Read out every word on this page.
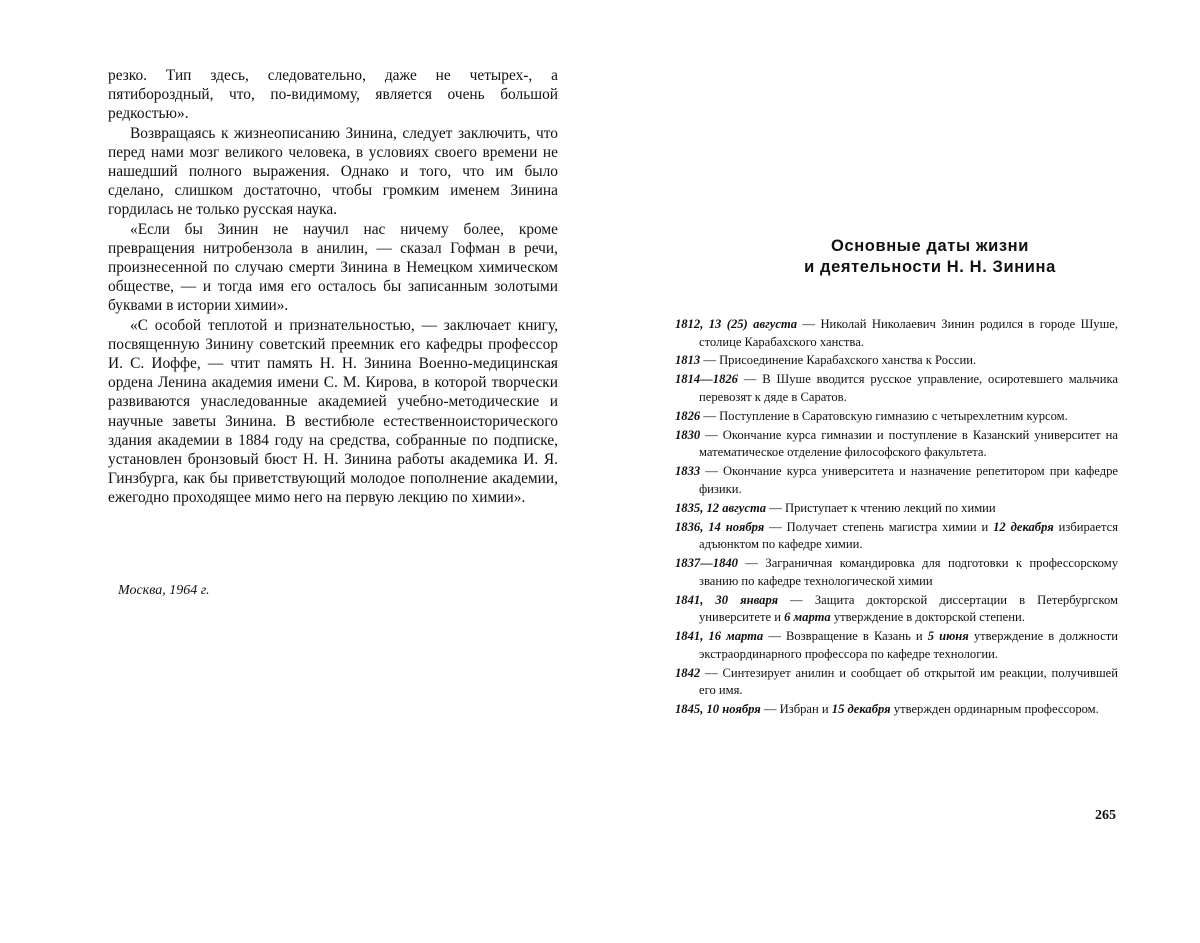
резко. Тип здесь, следовательно, даже не четырех-, а пятибороздный, что, по-видимому, является очень большой редкостью».

Возвращаясь к жизнеописанию Зинина, следует заключить, что перед нами мозг великого человека, в условиях своего времени не нашедший полного выражения. Однако и того, что им было сделано, слишком достаточно, чтобы громким именем Зинина гордилась не только русская наука.

«Если бы Зинин не научил нас ничему более, кроме превращения нитробензола в анилин, — сказал Гофман в речи, произнесенной по случаю смерти Зинина в Немецком химическом обществе, — и тогда имя его осталось бы записанным золотыми буквами в истории химии».

«С особой теплотой и признательностью, — заключает книгу, посвященную Зинину советский преемник его кафедры профессор И. С. Иоффе, — чтит память Н. Н. Зинина Военно-медицинская ордена Ленина академия имени С. М. Кирова, в которой творчески развиваются унаследованные академией учебно-методические и научные заветы Зинина. В вестибюле естественноисторического здания академии в 1884 году на средства, собранные по подписке, установлен бронзовый бюст Н. Н. Зинина работы академика И. Я. Гинзбурга, как бы приветствующий молодое пополнение академии, ежегодно проходящее мимо него на первую лекцию по химии».

Москва, 1964 г.
Основные даты жизни
и деятельности Н. Н. Зинина

1812, 13 (25) августа — Николай Николаевич Зинин родился в городе Шуше, столице Карабахского ханства.

1813 — Присоединение Карабахского ханства к России.

1814—1826 — В Шуше вводится русское управление, осиротевшего мальчика перевозят к дяде в Саратов.

1826 — Поступление в Саратовскую гимназию с четырехлетним курсом.

1830 — Окончание курса гимназии и поступление в Казанский университет на математическое отделение философского факультета.

1833 — Окончание курса университета и назначение репетитором при кафедре физики.

1835, 12 августа — Приступает к чтению лекций по химии

1836, 14 ноября — Получает степень магистра химии и 12 декабря избирается адъюнктом по кафедре химии.

1837—1840 — Заграничная командировка для подготовки к профессорскому званию по кафедре технологической химии

1841, 30 января — Защита докторской диссертации в Петербургском университете и 6 марта утверждение в докторской степени.

1841, 16 марта — Возвращение в Казань и 5 июня утверждение в должности экстраординарного профессора по кафедре технологии.

1842 — Синтезирует анилин и сообщает об открытой им реакции, получившей его имя.

1845, 10 ноября — Избран и 15 декабря утвержден ординарным профессором.

265
